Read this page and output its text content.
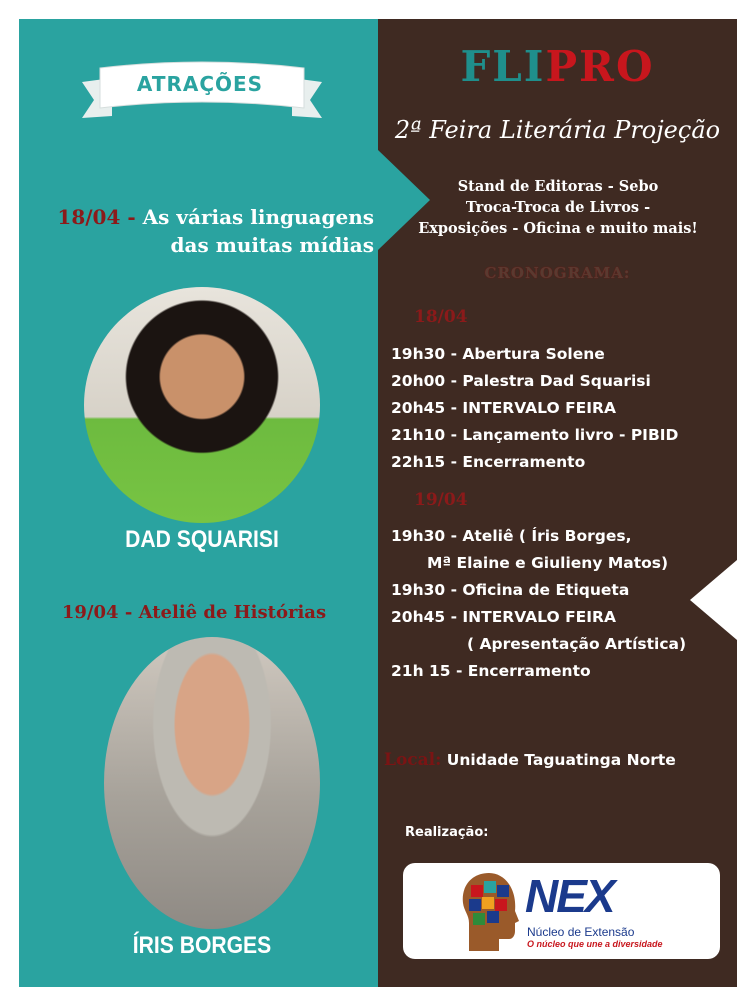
ATRAÇÕES
18/04 - As várias linguagens
das muitas mídias
DAD SQUARISI
19/04 - Ateliê de Histórias
ÍRIS BORGES
FLIPRO
2ª Feira Literária Projeção
Stand de Editoras - Sebo
Troca-Troca de Livros -
Exposições - Oficina e muito mais!
CRONOGRAMA:
18/04
19h30 - Abertura Solene
20h00 - Palestra Dad Squarisi
20h45 - INTERVALO FEIRA
21h10 - Lançamento livro - PIBID
22h15 - Encerramento
19/04
19h30 - Ateliê ( Íris Borges,
Mª Elaine e Giulieny Matos)
19h30 - Oficina de Etiqueta
20h45 - INTERVALO FEIRA
( Apresentação Artística)
21h 15 - Encerramento
Local: Unidade Taguatinga Norte
Realização:
NEX
Núcleo de Extensão
O núcleo que une a diversidade
